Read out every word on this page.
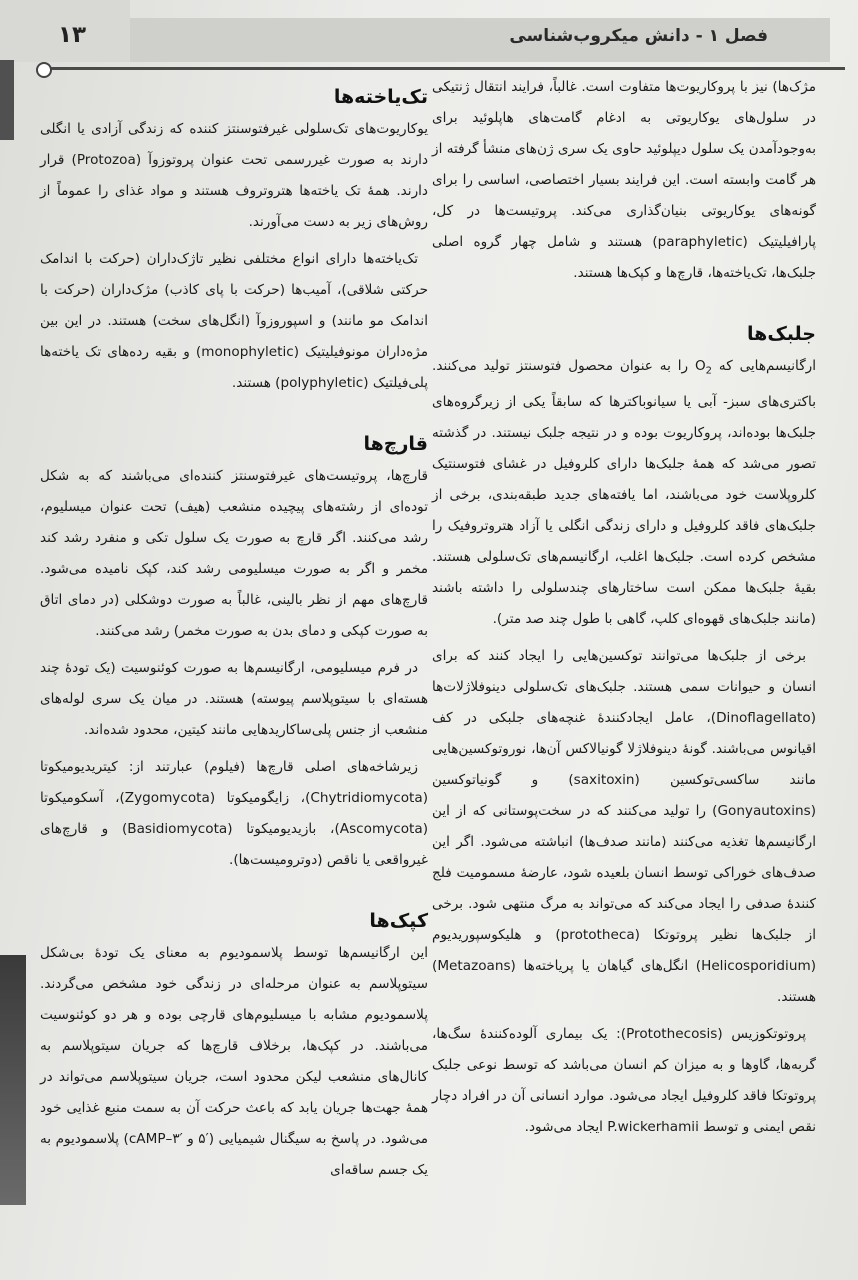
۱۳	فصل ۱ - دانش میکروب‌شناسی

مژک‌ها) نیز با پروکاریوت‌ها متفاوت است. غالباً، فرایند انتقال ژنتیکی در سلول‌های یوکاریوتی به ادغام گامت‌های هاپلوئید برای به‌وجودآمدن یک سلول دیپلوئید حاوی یک سری ژن‌های منشأ گرفته از هر گامت وابسته است. این فرایند بسیار اختصاصی، اساسی را برای گونه‌های یوکاریوتی بنیان‌گذاری می‌کند. پروتیست‌ها در کل، پارافیلیتیک (paraphyletic) هستند و شامل چهار گروه اصلی جلبک‌ها، تک‌یاخته‌ها، قارچ‌ها و کپک‌ها هستند.

جلبک‌ها

ارگانیسم‌هایی که $O_2$ را به عنوان محصول فتوسنتز تولید می‌کنند. باکتری‌های سبز- آبی یا سیانوباکترها که سابقاً یکی از زیرگروه‌های جلبک‌ها بوده‌اند، پروکاریوت بوده و در نتیجه جلبک نیستند. در گذشته تصور می‌شد که همهٔ جلبک‌ها دارای کلروفیل در غشای فتوسنتیک کلروپلاست خود می‌باشند، اما یافته‌های جدید طبقه‌بندی، برخی از جلبک‌های فاقد کلروفیل و دارای زندگی انگلی یا آزاد هتروتروفیک را مشخص کرده است. جلبک‌ها اغلب، ارگانیسم‌های تک‌سلولی هستند. بقیهٔ جلبک‌ها ممکن است ساختارهای چندسلولی را داشته باشند (مانند جلبک‌های قهوه‌ای کلپ، گاهی با طول چند صد متر).

برخی از جلبک‌ها می‌توانند توکسین‌هایی را ایجاد کنند که برای انسان و حیوانات سمی هستند. جلبک‌های تک‌سلولی دینوفلاژلات‌ها (Dinoflagellato)، عامل ایجادکنندهٔ غنچه‌های جلبکی در کف اقیانوس می‌باشند. گونهٔ دینوفلاژلا گونیالاکس آن‌ها، نوروتوکسین‌هایی مانند ساکسی‌توکسین (saxitoxin) و گونیاتوکسین (Gonyautoxins) را تولید می‌کنند که در سخت‌پوستانی که از این ارگانیسم‌ها تغذیه می‌کنند (مانند صدف‌ها) انباشته می‌شود. اگر این صدف‌های خوراکی توسط انسان بلعیده شود، عارضهٔ مسمومیت فلج کنندهٔ صدفی را ایجاد می‌کند که می‌تواند به مرگ منتهی شود. برخی از جلبک‌ها نظیر پروتوتکا (prototheca) و هلیکوسپوریدیوم (Helicosporidium) انگل‌های گیاهان یا پریاخته‌ها (Metazoans) هستند.

پروتوتکوزیس (Protothecosis): یک بیماری آلوده‌کنندهٔ سگ‌ها، گربه‌ها، گاوها و به میزان کم انسان می‌باشد که توسط نوعی جلبک پروتوتکا فاقد کلروفیل ایجاد می‌شود. موارد انسانی آن در افراد دچار نقص ایمنی و توسط P.wickerhamii ایجاد می‌شود.

تک‌یاخته‌ها

یوکاریوت‌های تک‌سلولی غیرفتوسنتز کننده که زندگی آزادی یا انگلی دارند به صورت غیررسمی تحت عنوان پروتوزوآ (Protozoa) قرار دارند. همهٔ تک یاخته‌ها هتروتروف هستند و مواد غذای را عموماً از روش‌های زیر به دست می‌آورند.

تک‌یاخته‌ها دارای انواع مختلفی نظیر تاژک‌داران (حرکت با اندامک حرکتی شلاقی)، آمیب‌ها (حرکت با پای کاذب) مژک‌داران (حرکت با اندامک مو مانند) و اسپوروزوآ (انگل‌های سخت) هستند. در این بین مژه‌داران مونوفیلیتیک (monophyletic) و بقیه رده‌های تک یاخته‌ها پلی‌فیلتیک (polyphyletic) هستند.

قارچ‌ها

قارچ‌ها، پروتیست‌های غیرفتوسنتز کننده‌ای می‌باشند که به شکل توده‌ای از رشته‌های پیچیده منشعب (هیف) تحت عنوان میسلیوم، رشد می‌کنند. اگر قارچ به صورت یک سلول تکی و منفرد رشد کند مخمر و اگر به صورت میسلیومی رشد کند، کپک نامیده می‌شود. قارچ‌های مهم از نظر بالینی، غالباً به صورت دوشکلی (در دمای اتاق به صورت کپکی و دمای بدن به صورت مخمر) رشد می‌کنند.

در فرم میسلیومی، ارگانیسم‌ها به صورت کوئنوسیت (یک تودهٔ چند هسته‌ای با سیتوپلاسم پیوسته) هستند. در میان یک سری لوله‌های منشعب از جنس پلی‌ساکاریدهایی مانند کیتین، محدود شده‌اند.

زیرشاخه‌های اصلی قارچ‌ها (فیلوم) عبارتند از: کیتریدیومیکوتا (Chytridiomycota)، زایگومیکوتا (Zygomycota)، آسکومیکوتا (Ascomycota)، بازیدیومیکوتا (Basidiomycota) و قارچ‌های غیرواقعی یا ناقص (دوترومیست‌ها).

کپک‌ها

این ارگانیسم‌ها توسط پلاسمودیوم به معنای یک تودهٔ بی‌شکل سیتوپلاسم به عنوان مرحله‌ای در زندگی خود مشخص می‌گردند. پلاسمودیوم مشابه با میسلیوم‌های قارچی بوده و هر دو کوئنوسیت می‌باشند. در کپک‌ها، برخلاف قارچ‌ها که جریان سیتوپلاسم به کانال‌های منشعب لیکن محدود است، جریان سیتوپلاسم می‌تواند در همهٔ جهت‌ها جریان یابد که باعث حرکت آن به سمت منبع غذایی خود می‌شود. در پاسخ به سیگنال شیمیایی (′۵ و ′۳–cAMP) پلاسمودیوم به یک جسم ساقه‌ای
